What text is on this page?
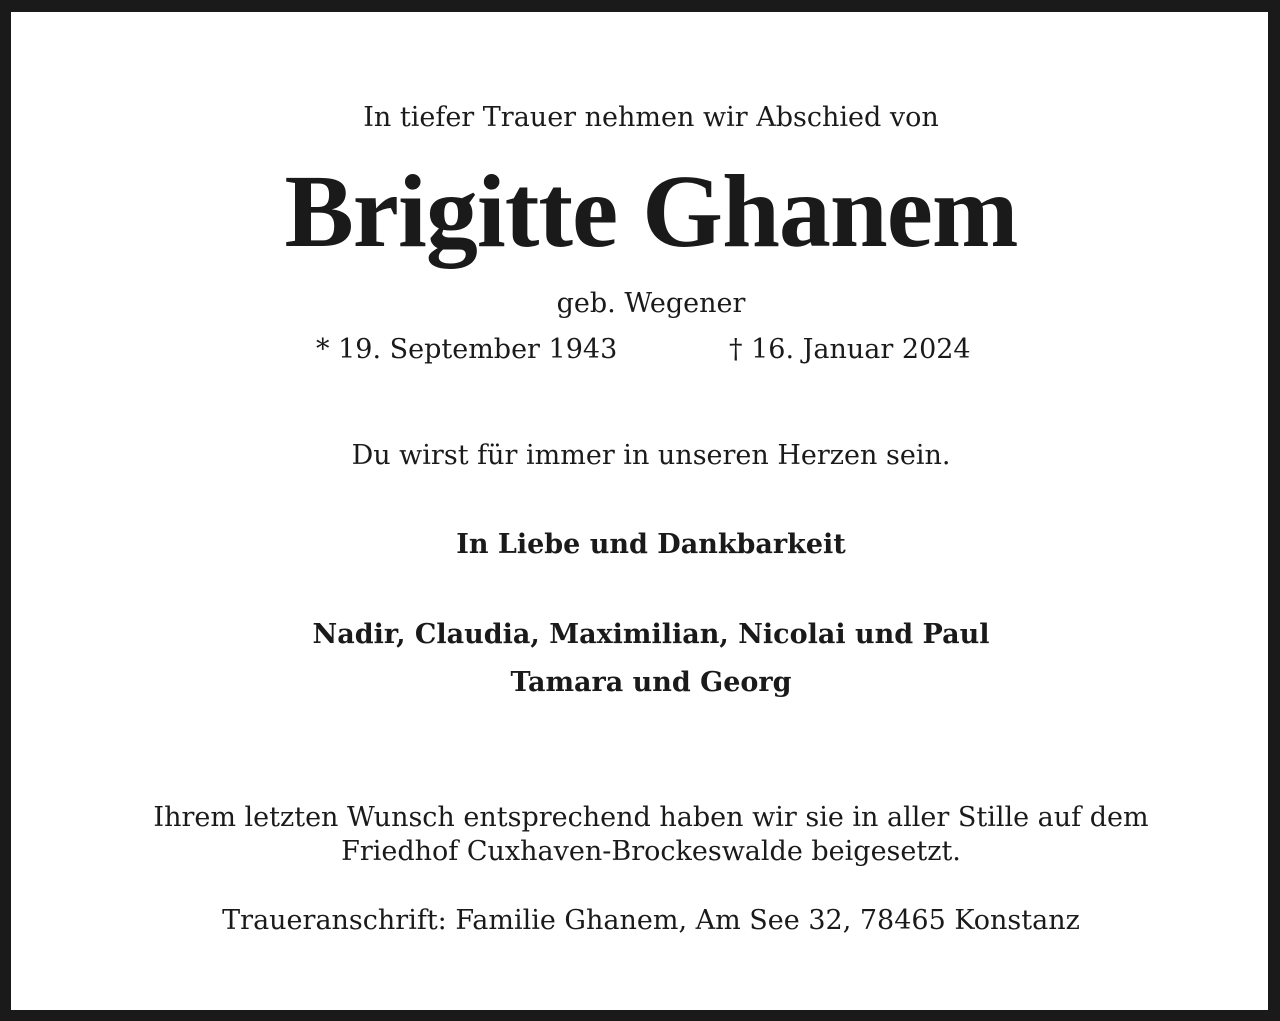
In tiefer Trauer nehmen wir Abschied von
Brigitte Ghanem
geb. Wegener
* 19. September 1943	† 16. Januar 2024
Du wirst für immer in unseren Herzen sein.
In Liebe und Dankbarkeit
Nadir, Claudia, Maximilian, Nicolai und Paul
Tamara und Georg
Ihrem letzten Wunsch entsprechend haben wir sie in aller Stille auf dem
Friedhof Cuxhaven-Brockeswalde beigesetzt.
Traueranschrift: Familie Ghanem, Am See 32, 78465 Konstanz
